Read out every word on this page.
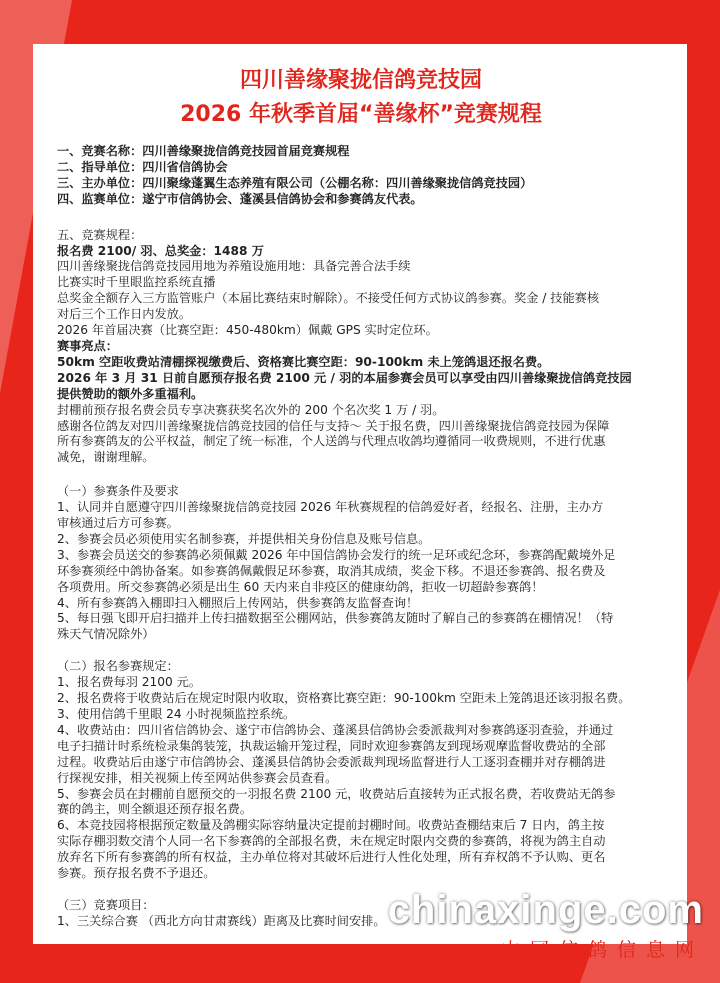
四川善缘聚拢信鸽竞技园
2026 年秋季首届“善缘杯”竞赛规程
一、竞赛名称：四川善缘聚拢信鸽竞技园首届竞赛规程
二、指导单位：四川省信鸽协会
三、主办单位：四川聚缘蓬翼生态养殖有限公司（公棚名称：四川善缘聚拢信鸽竞技园）
四、监赛单位：遂宁市信鸽协会、蓬溪县信鸽协会和参赛鸽友代表。
五、竞赛规程：
报名费 2100/ 羽、总奖金：1488 万
四川善缘聚拢信鸽竞技园用地为养殖设施用地：具备完善合法手续
比赛实时千里眼监控系统直播
总奖金全额存入三方监管账户（本届比赛结束时解除）。不接受任何方式协议鸽参赛。奖金 / 技能赛核
对后三个工作日内发放。
2026 年首届决赛（比赛空距：450-480km）佩戴 GPS 实时定位环。
赛事亮点：
50km 空距收费站清棚探视缴费后、资格赛比赛空距：90-100km 未上笼鸽退还报名费。
2026 年 3 月 31 日前自愿预存报名费 2100 元 / 羽的本届参赛会员可以享受由四川善缘聚拢信鸽竞技园
提供赞助的额外多重福利。
封棚前预存报名费会员专享决赛获奖名次外的 200 个名次奖 1 万 / 羽。
感谢各位鸽友对四川善缘聚拢信鸽竞技园的信任与支持～ 关于报名费，四川善缘聚拢信鸽竞技园为保障
所有参赛鸽友的公平权益，制定了统一标准，个人送鸽与代理点收鸽均遵循同一收费规则，不进行优惠
减免，谢谢理解。
（一）参赛条件及要求
1、认同并自愿遵守四川善缘聚拢信鸽竞技园 2026 年秋赛规程的信鸽爱好者，经报名、注册，主办方
审核通过后方可参赛。
2、参赛会员必须使用实名制参赛，并提供相关身份信息及账号信息。
3、参赛会员送交的参赛鸽必须佩戴 2026 年中国信鸽协会发行的统一足环或纪念环，参赛鸽配戴境外足
环参赛须经中鸽协备案。如参赛鸽佩戴假足环参赛，取消其成绩，奖金下移。不退还参赛鸽、报名费及
各项费用。所交参赛鸽必须是出生 60 天内来自非疫区的健康幼鸽，拒收一切超龄参赛鸽！
4、所有参赛鸽入棚即扫入棚照后上传网站，供参赛鸽友监督查询！
5、每日强飞即开启扫描并上传扫描数据至公棚网站，供参赛鸽友随时了解自己的参赛鸽在棚情况！（特
殊天气情况除外）
（二）报名参赛规定：
1、报名费每羽 2100 元。
2、报名费将于收费站后在规定时限内收取，资格赛比赛空距：90-100km 空距未上笼鸽退还该羽报名费。
3、使用信鸽千里眼 24 小时视频监控系统。
4、收费站由：四川省信鸽协会、遂宁市信鸽协会、蓬溪县信鸽协会委派裁判对参赛鸽逐羽查验，并通过
电子扫描计时系统检录集鸽装笼，执裁运输开笼过程，同时欢迎参赛鸽友到现场观摩监督收费站的全部
过程。收费站后由遂宁市信鸽协会、蓬溪县信鸽协会委派裁判现场监督进行人工逐羽查棚并对存棚鸽进
行探视安排，相关视频上传至网站供参赛会员查看。
5、参赛会员在封棚前自愿预交的一羽报名费 2100 元，收费站后直接转为正式报名费，若收费站无鸽参
赛的鸽主，则全额退还预存报名费。
6、本竞技园将根据预定数量及鸽棚实际容纳量决定提前封棚时间。收费站查棚结束后 7 日内，鸽主按
实际存棚羽数交清个人同一名下参赛鸽的全部报名费，未在规定时限内交费的参赛鸽，将视为鸽主自动
放弃名下所有参赛鸽的所有权益，主办单位将对其破坏后进行人性化处理，所有弃权鸽不予认购、更名
参赛。预存报名费不予退还。
（三）竞赛项目：
1、三关综合赛 （西北方向甘肃赛线）距离及比赛时间安排。 chinaxinge.com
中国信鸽信息网
